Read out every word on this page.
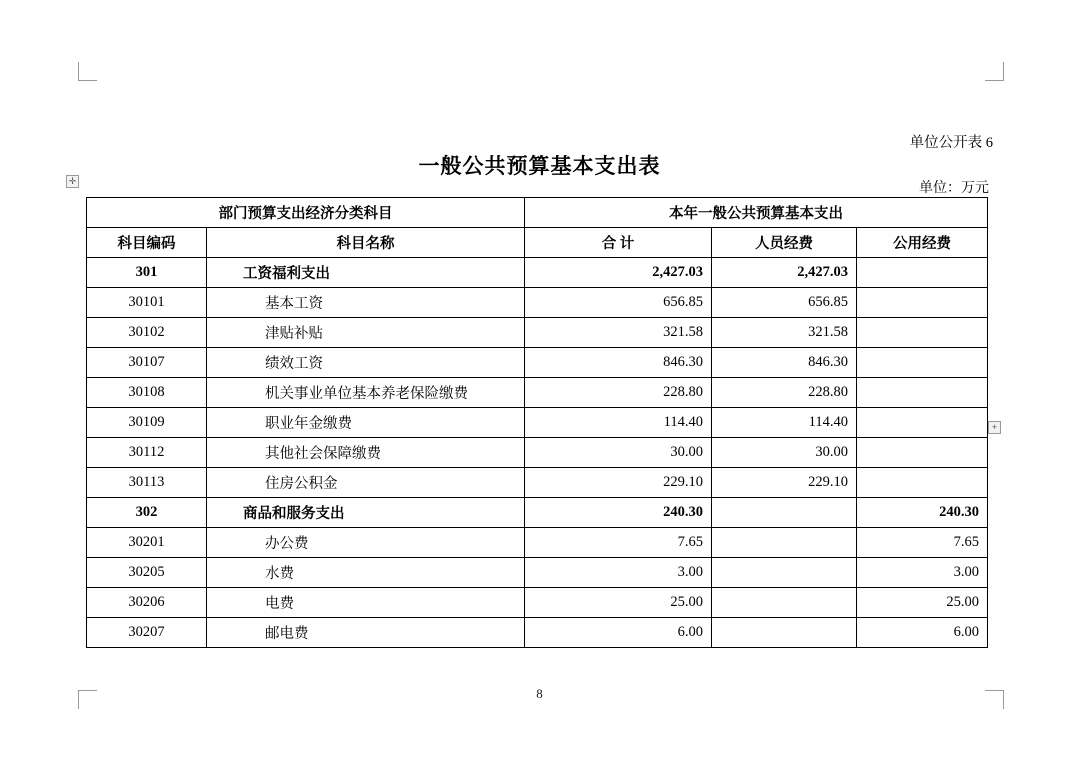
✛
+
单位公开表 6
一般公共预算基本支出表
单位：万元
部门预算支出经济分类科目		本年一般公共预算基本支出		
科目编码	科目名称	合 计	人员经费	公用经费
301	工资福利支出	2,427.03	2,427.03	
30101	基本工资	656.85	656.85	
30102	津贴补贴	321.58	321.58	
30107	绩效工资	846.30	846.30	
30108	机关事业单位基本养老保险缴费	228.80	228.80	
30109	职业年金缴费	114.40	114.40	
30112	其他社会保障缴费	30.00	30.00	
30113	住房公积金	229.10	229.10	
302	商品和服务支出	240.30		240.30
30201	办公费	7.65		7.65
30205	水费	3.00		3.00
30206	电费	25.00		25.00
30207	邮电费	6.00		6.00
8
